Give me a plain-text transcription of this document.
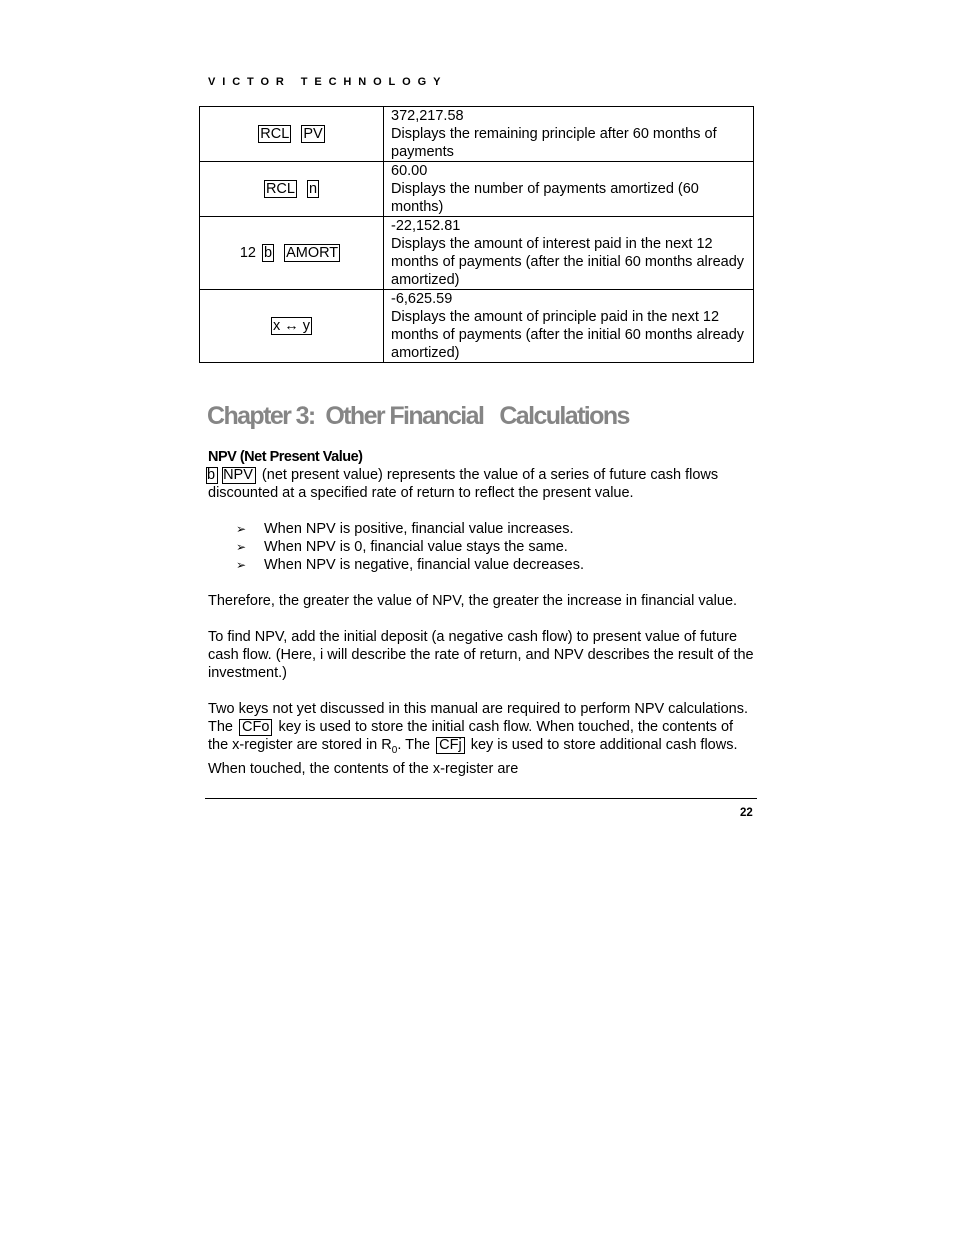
VICTOR TECHNOLOGY
RCL PV	372,217.58
Displays the remaining principle after 60 months of payments

RCL n	60.00
Displays the number of payments amortized (60 months)

12 b AMORT	-22,152.81
Displays the amount of interest paid in the next 12 months of payments (after the initial 60 months already amortized)

x ↔ y	-6,625.59
Displays the amount of principle paid in the next 12 months of payments (after the initial 60 months already amortized)
Chapter 3:  Other Financial   Calculations

NPV (Net Present Value)

b NPV (net present value) represents the value of a series of future cash flows discounted at a specified rate of return to reflect the present value.

➢ When NPV is positive, financial value increases.
➢ When NPV is 0, financial value stays the same.
➢ When NPV is negative, financial value decreases.

Therefore, the greater the value of NPV, the greater the increase in financial value.

To find NPV, add the initial deposit (a negative cash flow) to present value of future cash flow. (Here, i will describe the rate of return, and NPV describes the result of the investment.)

Two keys not yet discussed in this manual are required to perform NPV calculations. The CFo key is used to store the initial cash flow. When touched, the contents of the x-register are stored in $R_0$. The CFj key is used to store additional cash flows. When touched, the contents of the x-register are

22
